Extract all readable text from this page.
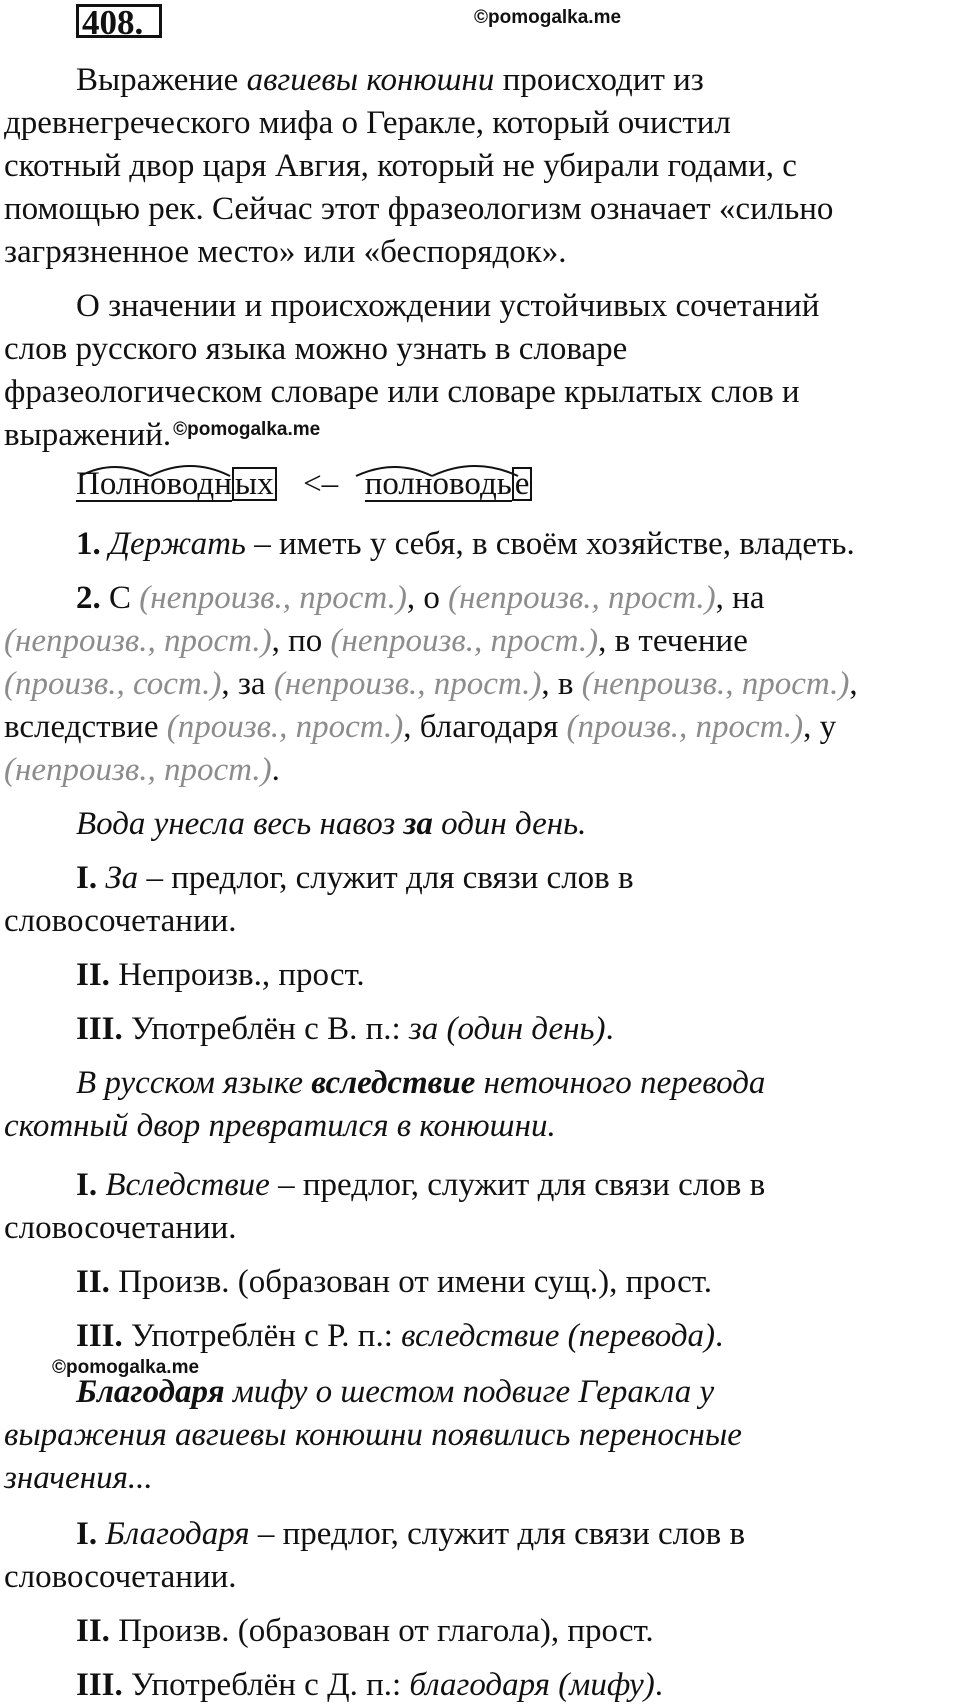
408.	©pomogalka.me

Выражение авгиевы конюшни происходит из

древнегреческого мифа о Геракле, который очистил

скотный двор царя Авгия, который не убирали годами, с

помощью рек. Сейчас этот фразеологизм означает «сильно

загрязненное место» или «беспорядок».

О значении и происхождении устойчивых сочетаний

слов русского языка можно узнать в словаре

фразеологическом словаре или словаре крылатых слов и

выражений. $^{©pomogalka.me}$

Полноводных <– полноводье

1. Держать – иметь у себя, в своём хозяйстве, владеть.

2. С (непроизв., прост.), о (непроизв., прост.), на

(непроизв., прост.), по (непроизв., прост.), в течение

(произв., сост.), за (непроизв., прост.), в (непроизв., прост.),

вследствие (произв., прост.), благодаря (произв., прост.), у

(непроизв., прост.).

Вода унесла весь навоз за один день.

I. За – предлог, служит для связи слов в

словосочетании.

II. Непроизв., прост.

III. Употреблён с В. п.: за (один день).

В русском языке вследствие неточного перевода

скотный двор превратился в конюшни.

I. Вследствие – предлог, служит для связи слов в

словосочетании.

II. Произв. (образован от имени сущ.), прост.

III. Употреблён с Р. п.: вследствие (перевода).

©pomogalka.me

Благодаря мифу о шестом подвиге Геракла у

выражения авгиевы конюшни появились переносные

значения...

I. Благодаря – предлог, служит для связи слов в

словосочетании.

II. Произв. (образован от глагола), прост.

III. Употреблён с Д. п.: благодаря (мифу).
